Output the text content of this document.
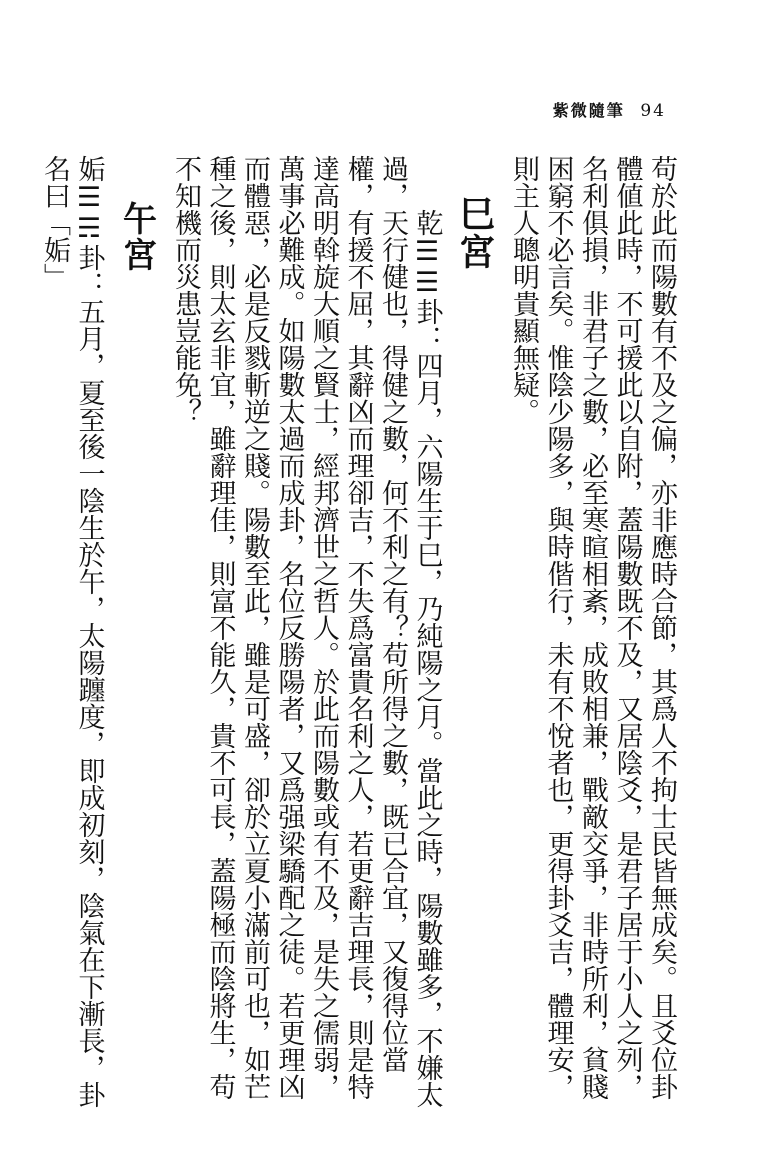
紫微隨筆 94

苟於此而陽數有不及之偏，亦非應時合節，其爲人不拘士民皆無成矣。且爻位卦體値此時，不可援此以自附，蓋陽數既不及，又居陰爻，是君子居于小人之列，名利俱損，非君子之數，必至寒暄相紊，成敗相兼，戰敵交爭，非時所利，貧賤困窮不必言矣。惟陰少陽多，與時偕行，未有不悅者也，更得卦爻吉，體理安，則主人聰明貴顯無疑。

巳宮

乾☰☰卦：四月，六陽生于巳，乃純陽之月。當此之時，陽數雖多，不嫌太過，天行健也，得健之數，何不利之有？苟所得之數，既已合宜，又復得位當權，有援不屈，其辭凶而理卻吉，不失爲富貴名利之人，若更辭吉理長，則是特達高明斡旋大順之賢士，經邦濟世之哲人。於此而陽數或有不及，是失之儒弱，萬事必難成。如陽數太過而成卦，名位反勝陽者，又爲强梁驕配之徒。若更理凶而體惡，必是反戮斬逆之賤。陽數至此，雖是可盛，卻於立夏小滿前可也，如芒種之後，則太玄非宜，雖辭理佳，則富不能久，貴不可長，蓋陽極而陰將生，苟不知機而災患豈能免？

午宮

姤☰☴卦：五月，夏至後一陰生於午，太陽躔度，即成初刻，陰氣在下漸長，卦名曰「姤」
